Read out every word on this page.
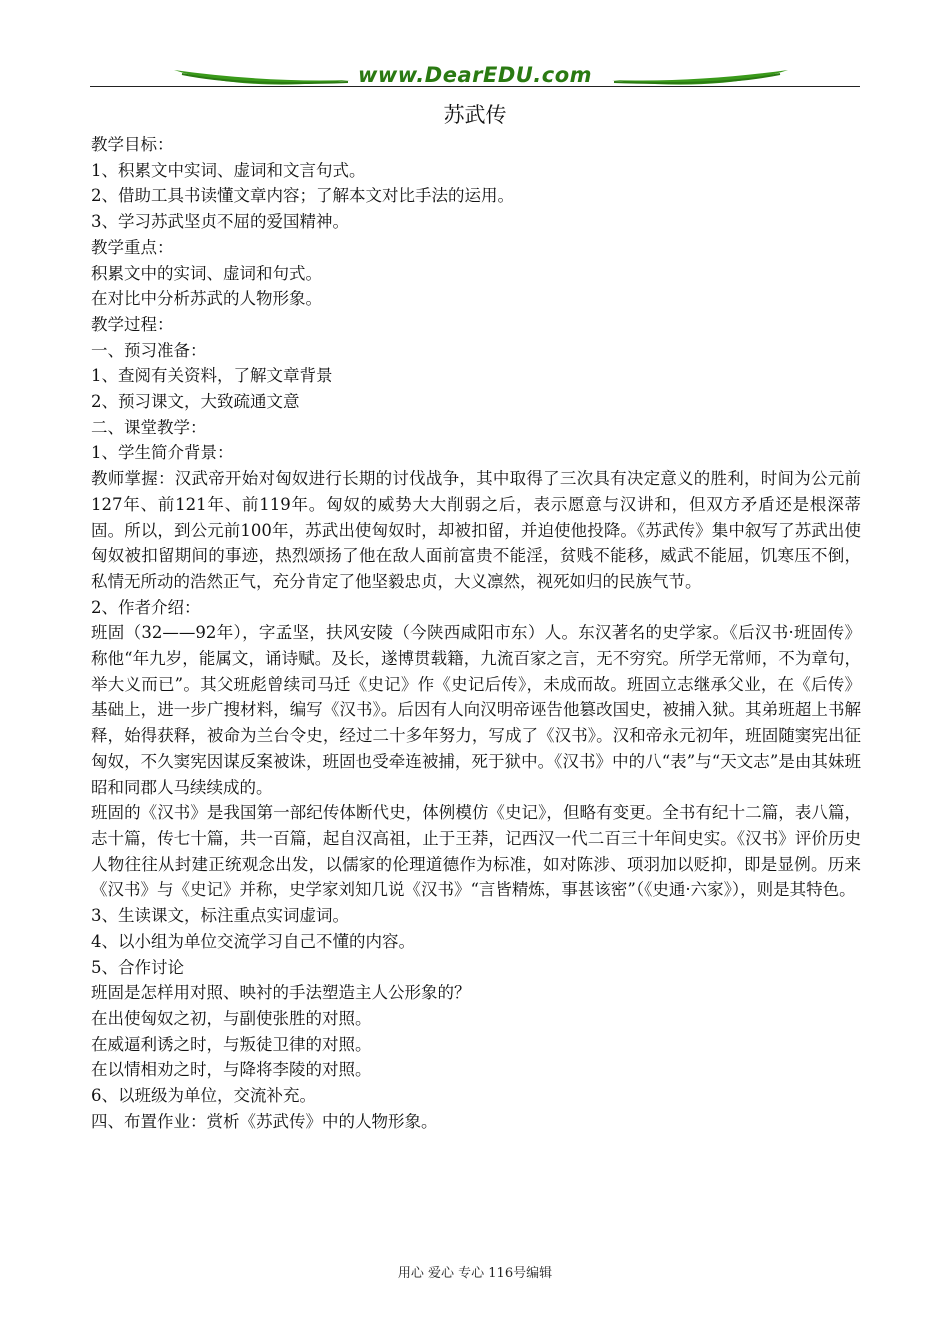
www.DearEDU.com
苏武传

教学目标：

1、积累文中实词、虚词和文言句式。

2、借助工具书读懂文章内容；了解本文对比手法的运用。

3、学习苏武坚贞不屈的爱国精神。

教学重点：

积累文中的实词、虚词和句式。

在对比中分析苏武的人物形象。

教学过程：

一、预习准备：

1、查阅有关资料，了解文章背景

2、预习课文，大致疏通文意

二、课堂教学：

1、学生简介背景：

教师掌握：汉武帝开始对匈奴进行长期的讨伐战争，其中取得了三次具有决定意义的胜利，时间为公元前127年、前121年、前119年。匈奴的威势大大削弱之后，表示愿意与汉讲和，但双方矛盾还是根深蒂固。所以，到公元前100年，苏武出使匈奴时，却被扣留，并迫使他投降。《苏武传》集中叙写了苏武出使匈奴被扣留期间的事迹，热烈颂扬了他在敌人面前富贵不能淫，贫贱不能移，威武不能屈，饥寒压不倒，私情无所动的浩然正气，充分肯定了他坚毅忠贞，大义凛然，视死如归的民族气节。

2、作者介绍：

班固（32——92年），字孟坚，扶风安陵（今陕西咸阳市东）人。东汉著名的史学家。《后汉书·班固传》称他“年九岁，能属文，诵诗赋。及长，遂博贯载籍，九流百家之言，无不穷究。所学无常师，不为章句，举大义而已”。其父班彪曾续司马迁《史记》作《史记后传》，未成而故。班固立志继承父业，在《后传》基础上，进一步广搜材料，编写《汉书》。后因有人向汉明帝诬告他篡改国史，被捕入狱。其弟班超上书解释，始得获释，被命为兰台令史，经过二十多年努力，写成了《汉书》。汉和帝永元初年，班固随窦宪出征匈奴，不久窦宪因谋反案被诛，班固也受牵连被捕，死于狱中。《汉书》中的八“表”与“天文志”是由其妹班昭和同郡人马续续成的。

班固的《汉书》是我国第一部纪传体断代史，体例模仿《史记》，但略有变更。全书有纪十二篇，表八篇，志十篇，传七十篇，共一百篇，起自汉高祖，止于王莽，记西汉一代二百三十年间史实。《汉书》评价历史人物往往从封建正统观念出发，以儒家的伦理道德作为标准，如对陈涉、项羽加以贬抑，即是显例。历来《汉书》与《史记》并称，史学家刘知几说《汉书》“言皆精炼，事甚该密”（《史通·六家》），则是其特色。

3、生读课文，标注重点实词虚词。

4、以小组为单位交流学习自己不懂的内容。

5、合作讨论

班固是怎样用对照、映衬的手法塑造主人公形象的？

在出使匈奴之初，与副使张胜的对照。

在威逼利诱之时，与叛徒卫律的对照。

在以情相劝之时，与降将李陵的对照。

6、以班级为单位，交流补充。

四、布置作业：赏析《苏武传》中的人物形象。

用心 爱心 专心 116号编辑
